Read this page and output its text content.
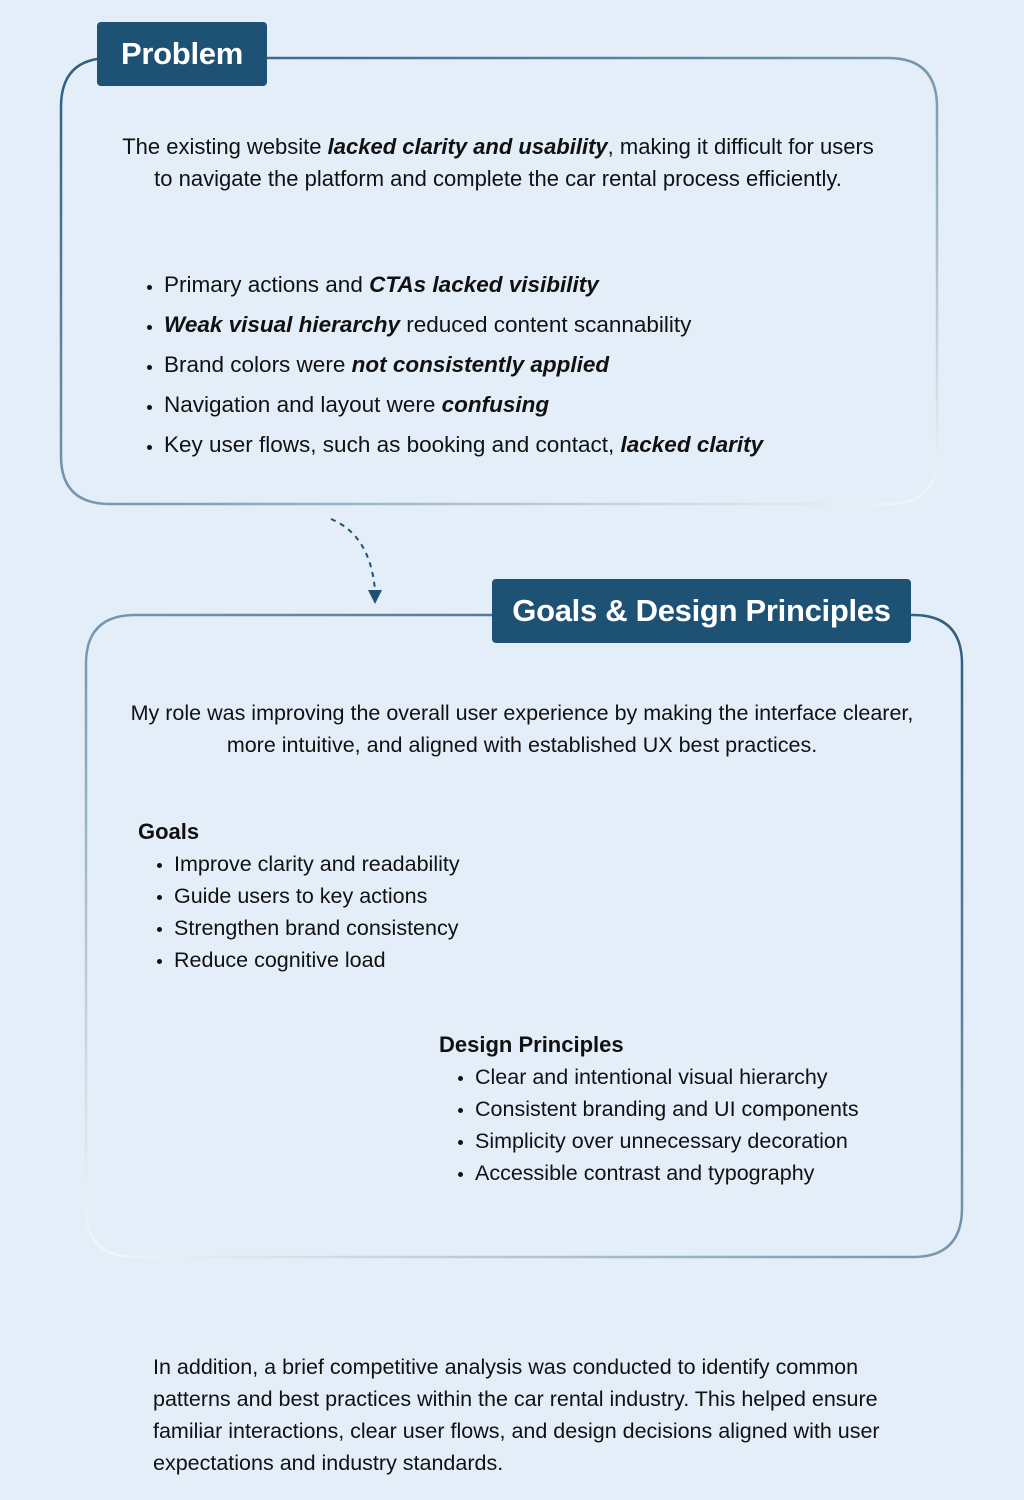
Problem
The existing website lacked clarity and usability, making it difficult for users to navigate the platform and complete the car rental process efficiently.
• Primary actions and CTAs lacked visibility
• Weak visual hierarchy reduced content scannability
• Brand colors were not consistently applied
• Navigation and layout were confusing
• Key user flows, such as booking and contact, lacked clarity
Goals & Design Principles
My role was improving the overall user experience by making the interface clearer, more intuitive, and aligned with established UX best practices.
Goals
• Improve clarity and readability
• Guide users to key actions
• Strengthen brand consistency
• Reduce cognitive load
Design Principles
• Clear and intentional visual hierarchy
• Consistent branding and UI components
• Simplicity over unnecessary decoration
• Accessible contrast and typography
In addition, a brief competitive analysis was conducted to identify common patterns and best practices within the car rental industry. This helped ensure familiar interactions, clear user flows, and design decisions aligned with user expectations and industry standards.
